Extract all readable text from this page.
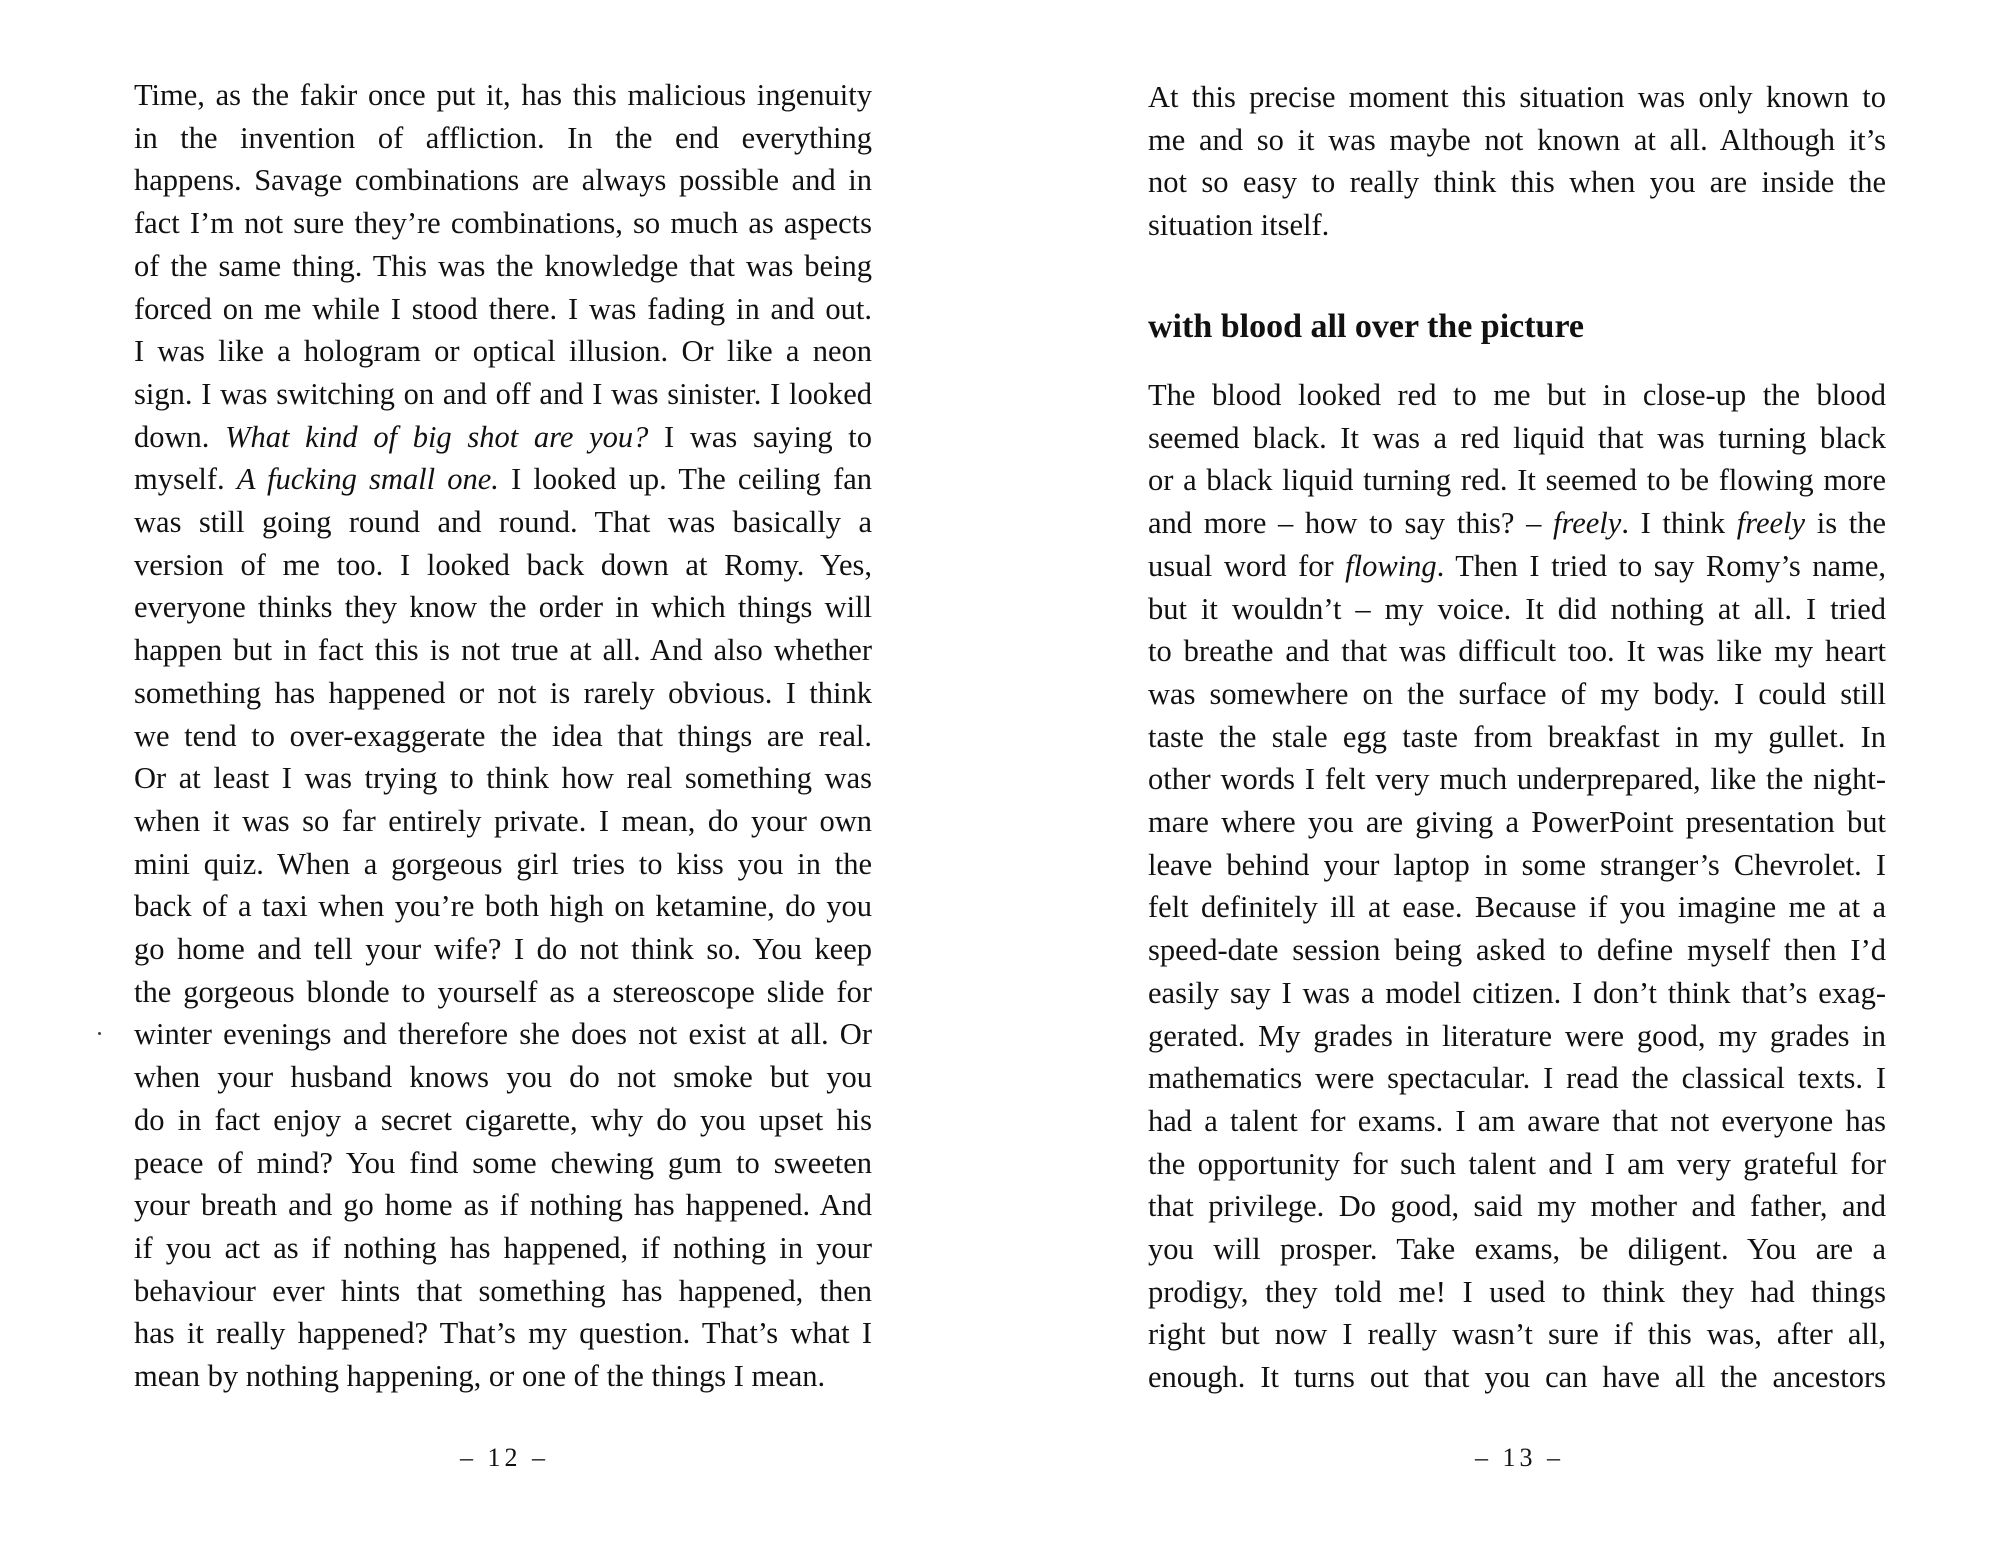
Time, as the fakir once put it, has this malicious ingenuity
in the invention of affliction. In the end everything
happens. Savage combinations are always possible and in
fact I’m not sure they’re combinations, so much as aspects
of the same thing. This was the knowledge that was being
forced on me while I stood there. I was fading in and out.
I was like a hologram or optical illusion. Or like a neon
sign. I was switching on and off and I was sinister. I looked
down. What kind of big shot are you? I was saying to
myself. A fucking small one. I looked up. The ceiling fan
was still going round and round. That was basically a
version of me too. I looked back down at Romy. Yes,
everyone thinks they know the order in which things will
happen but in fact this is not true at all. And also whether
something has happened or not is rarely obvious. I think
we tend to over-exaggerate the idea that things are real.
Or at least I was trying to think how real something was
when it was so far entirely private. I mean, do your own
mini quiz. When a gorgeous girl tries to kiss you in the
back of a taxi when you’re both high on ketamine, do you
go home and tell your wife? I do not think so. You keep
the gorgeous blonde to yourself as a stereoscope slide for
winter evenings and therefore she does not exist at all. Or
when your husband knows you do not smoke but you
do in fact enjoy a secret cigarette, why do you upset his
peace of mind? You find some chewing gum to sweeten
your breath and go home as if nothing has happened. And
if you act as if nothing has happened, if nothing in your
behaviour ever hints that something has happened, then
has it really happened? That’s my question. That’s what I
mean by nothing happening, or one of the things I mean.
– 12 –
At this precise moment this situation was only known to
me and so it was maybe not known at all. Although it’s
not so easy to really think this when you are inside the
situation itself.
with blood all over the picture
The blood looked red to me but in close-up the blood
seemed black. It was a red liquid that was turning black
or a black liquid turning red. It seemed to be flowing more
and more – how to say this? – freely. I think freely is the
usual word for flowing. Then I tried to say Romy’s name,
but it wouldn’t – my voice. It did nothing at all. I tried
to breathe and that was difficult too. It was like my heart
was somewhere on the surface of my body. I could still
taste the stale egg taste from breakfast in my gullet. In
other words I felt very much underprepared, like the night-
mare where you are giving a PowerPoint presentation but
leave behind your laptop in some stranger’s Chevrolet. I
felt definitely ill at ease. Because if you imagine me at a
speed-date session being asked to define myself then I’d
easily say I was a model citizen. I don’t think that’s exag-
gerated. My grades in literature were good, my grades in
mathematics were spectacular. I read the classical texts. I
had a talent for exams. I am aware that not everyone has
the opportunity for such talent and I am very grateful for
that privilege. Do good, said my mother and father, and
you will prosper. Take exams, be diligent. You are a
prodigy, they told me! I used to think they had things
right but now I really wasn’t sure if this was, after all,
enough. It turns out that you can have all the ancestors
– 13 –
